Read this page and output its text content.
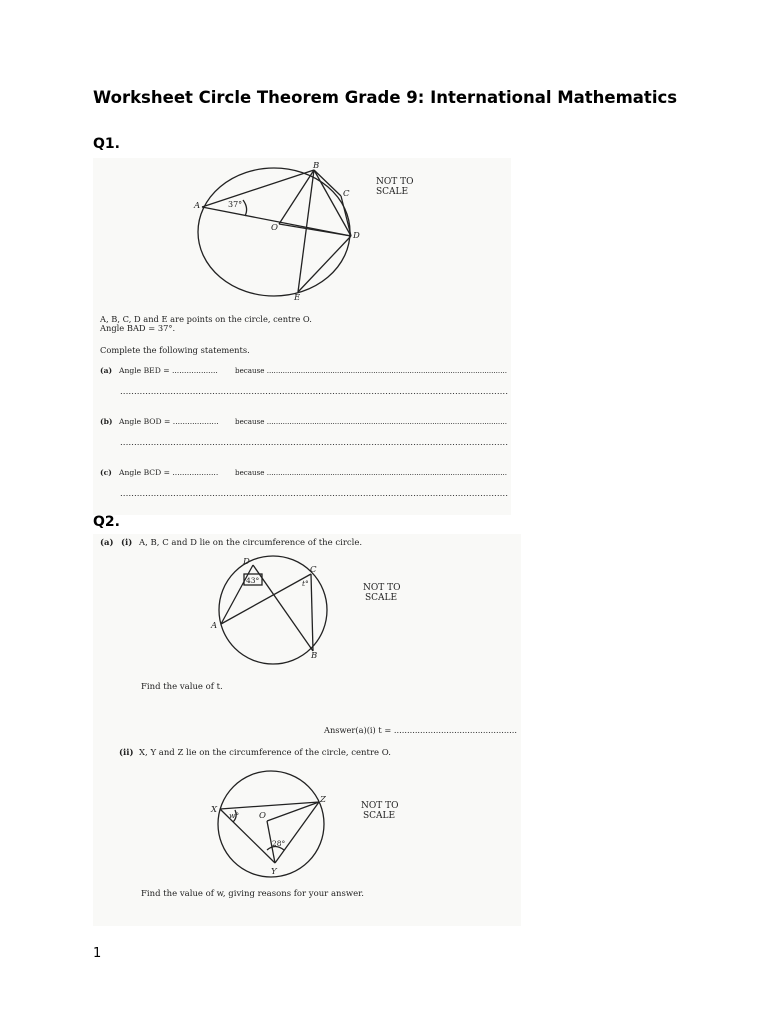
Worksheet Circle Theorem Grade 9: International Mathematics
Q1.
A
B
C
D
E
O
37°
NOT TO
SCALE
A, B, C, D and E are points on the circle, centre O.
Angle BAD = 37°.
Complete the following statements.
(a) Angle BED = ................... because ..........................................................................................................
...........................................................................................................................................
(b) Angle BOD = ................... because ..........................................................................................................
...........................................................................................................................................
(c) Angle BCD = ................... because ..........................................................................................................
...........................................................................................................................................
Q2.
(a) (i) A, B, C and D lie on the circumference of the circle.
D
C
A
B
t°
43°
NOT TO
SCALE
Find the value of t.
Answer(a)(i) t = ...............................................
(ii) X, Y and Z lie on the circumference of the circle, centre O.
X
Z
O
Y
w°
28°
NOT TO
SCALE
Find the value of w, giving reasons for your answer.
1
